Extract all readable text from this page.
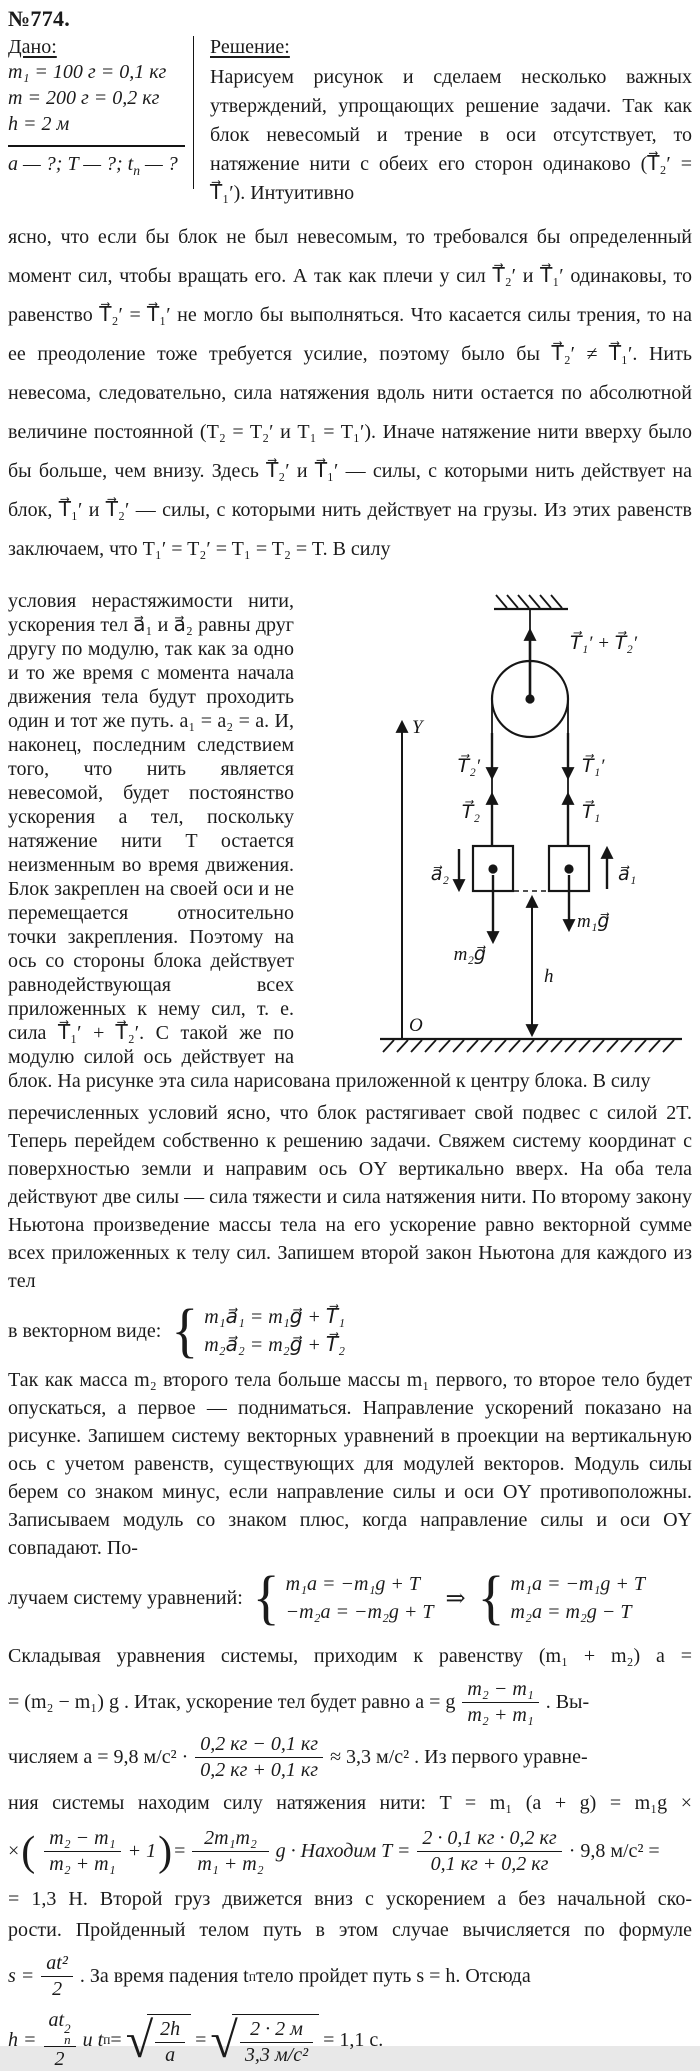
№774.
Дано:
m₁ = 100 г = 0,1 кг
m = 200 г = 0,2 кг
h = 2 м
a — ?; T — ?; $t_п$ — ?
Решение:

Нарисуем рисунок и сделаем несколько важных утверждений, упрощающих решение задачи. Так как блок невесомый и трение в оси отсутствует, то натяжение нити с обеих его сторон одинаково (T⃗₂′ = T⃗₁′). Интуитивно

ясно, что если бы блок не был невесомым, то требовался бы определенный момент сил, чтобы вращать его. А так как плечи у сил T⃗₂′ и T⃗₁′ одинаковы, то равенство T⃗₂′ = T⃗₁′ не могло бы выполняться. Что касается силы трения, то на ее преодоление тоже требуется усилие, поэтому было бы T⃗₂′ ≠ T⃗₁′. Нить невесома, следовательно, сила натяжения вдоль нити остается по абсолютной величине постоянной (T₂ = T₂′ и T₁ = T₁′). Иначе натяжение нити вверху было бы больше, чем внизу. Здесь T⃗₂′ и T⃗₁′ — силы, с которыми нить действует на блок, T⃗₁′ и T⃗₂′ — силы, с которыми нить действует на грузы. Из этих равенств заключаем, что T₁′ = T₂′ = T₁ = T₂ = T. В силу

Y
O
T⃗₁′ + T⃗₂′
T⃗₂′
T⃗₂
T⃗₁′
T⃗₁
a⃗₂	a⃗₁
m₂g⃗
m₁g⃗
h

условия нерастяжимости нити, ускорения тел a⃗₁ и a⃗₂ равны друг другу по модулю, так как за одно и то же время с момента начала движения тела будут проходить один и тот же путь. a₁ = a₂ = a. И, наконец, последним следствием того, что нить является невесомой, будет постоянство ускорения a тел, поскольку натяжение нити T остается неизменным во время движения. Блок закреплен на своей оси и не перемещается относительно точки закрепления. Поэтому на ось со стороны блока действует равнодействующая всех приложенных к нему сил, т. е. сила T⃗₁′ + T⃗₂′. С такой же по модулю силой ось действует на блок. На рисунке эта сила нарисована приложенной к центру блока. В силу

перечисленных условий ясно, что блок растягивает свой подвес с силой 2T. Теперь перейдем собственно к решению задачи. Свяжем систему координат с поверхностью земли и направим ось OY вертикально вверх. На оба тела действуют две силы — сила тяжести и сила натяжения нити. По второму закону Ньютона произведение массы тела на его ускорение равно векторной сумме всех приложенных к телу сил. Запишем второй закон Ньютона для каждого из тел

в векторном виде: { m₁a⃗₁ = m₁g⃗ + T⃗₁
m₂a⃗₂ = m₂g⃗ + T⃗₂

Так как масса m₂ второго тела больше массы m₁ первого, то второе тело будет опускаться, а первое — подниматься. Направление ускорений показано на рисунке. Запишем систему векторных уравнений в проекции на вертикальную ось с учетом равенств, существующих для модулей векторов. Модуль силы берем со знаком минус, если направление силы и оси OY противоположны. Записываем модуль со знаком плюс, когда направление силы и оси OY совпадают. По-

лучаем систему уравнений: { m₁a = −m₁g + T
−m₂a = −m₂g + T ⇒ { m₁a = −m₁g + T
m₂a = m₂g − T
Складывая уравнения системы, приходим к равенству (m₁ + m₂) a =
= (m₂ − m₁) g . Итак, ускорение тел будет равно a = g $\frac{\text{m₂ − m₁}}{\text{m₂ + m₁}}$ . Вы-
числяем a = 9,8 $м/с^2 \cdot \frac{0,2 кг - 0,1 кг}{0,2 кг + 0,1 кг} \approx 3,3$ м/с² . Из первого уравне-
ния системы находим силу натяжения нити: T = m₁ (a + g) = m₁g ×
× ( $\frac{\text{m₂ − m₁}}{\text{m₂ + m₁}} + 1$ ) = $\frac{\text{2m₁m₂}}{\text{m₁ + m₂}}$ g · Находим $T = \frac{2 \cdot 0,1 кг \cdot 0,2 кг}{0,1 кг + 0,2 кг} \cdot 9,8$ м/с² =
= 1,3 Н. Второй груз движется вниз с ускорением a без начальной ско-
рости. Пройденный телом путь в этом случае вычисляется по формуле
$s = \frac{\text{at²}}{2}$ . За время падения t п тело пройдет путь s = h. Отсюда
h = at 2
п
2 и t п = √ $\frac{2h}{a}$ = √ $\frac{2 \cdot 2 м}{\text{3,3 м/с²}} = 1,1$ с.
